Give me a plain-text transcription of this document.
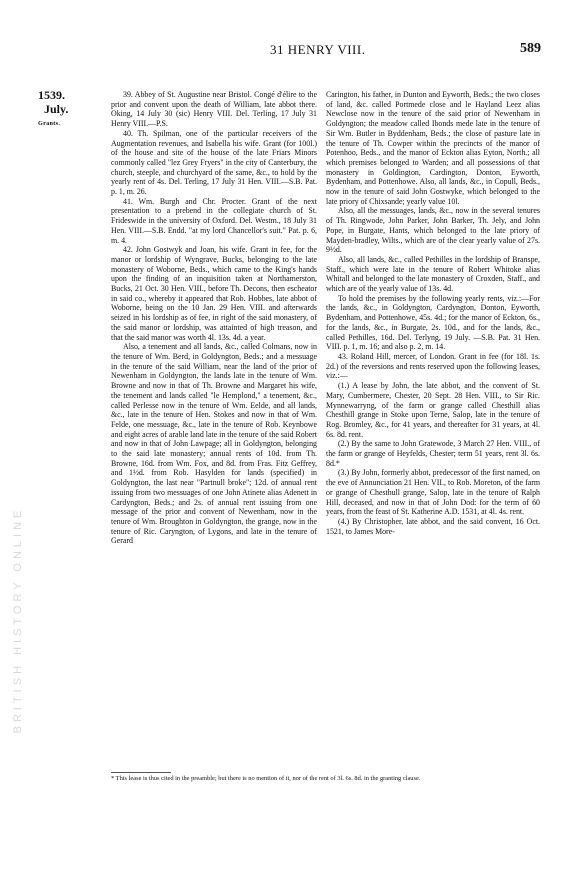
31 HENRY VIII.	589
1539.
July.
Grants.
BRITISH HISTORY ONLINE

39. Abbey of St. Augustine near Bristol. Congé d'élire to the prior and convent upon the death of William, late abbot there. Oking, 14 July 30 (sic) Henry VIII. Del. Terling, 17 July 31 Henry VIII.—P.S.

40. Th. Spilman, one of the particular receivers of the Augmentation revenues, and Isabella his wife. Grant (for 100l.) of the house and site of the house of the late Friars Minors commonly called "lez Grey Fryers" in the city of Canterbury, the church, steeple, and churchyard of the same, &c., to hold by the yearly rent of 4s. Del. Terling, 17 July 31 Hen. VIII.—S.B. Pat. p. 1, m. 26.

41. Wm. Burgh and Chr. Procter. Grant of the next presentation to a prebend in the collegiate church of St. Frideswide in the university of Oxford. Del. Westm., 18 July 31 Hen. VIII.—S.B. Endd. "at my lord Chancellor's suit." Pat. p. 6, m. 4.

42. John Gostwyk and Joan, his wife. Grant in fee, for the manor or lordship of Wyngrave, Bucks, belonging to the late monastery of Woborne, Beds., which came to the King's hands upon the finding of an inquisition taken at Northamerston, Bucks, 21 Oct. 30 Hen. VIII., before Th. Decons, then escheator in said co., whereby it appeared that Rob. Hobbes, late abbot of Woborne, being on the 10 Jan. 29 Hen. VIII. and afterwards seized in his lordship as of fee, in right of the said monastery, of the said manor or lordship, was attainted of high treason, and that the said manor was worth 4l. 13s. 4d. a year.

Also, a tenement and all lands, &c., called Colmans, now in the tenure of Wm. Berd, in Goldyngton, Beds.; and a messuage in the tenure of the said William, near the land of the prior of Newenham in Goldyngton, the lands late in the tenure of Wm. Browne and now in that of Th. Browne and Margaret his wife, the tenement and lands called "le Hemplond," a tenement, &c., called Perlesse now in the tenure of Wm. Eelde, and all lands, &c., late in the tenure of Hen. Stokes and now in that of Wm. Felde, one messuage, &c., late in the tenure of Rob. Keynbowe and eight acres of arable land late in the tenure of the said Robert and now in that of John Lawpage; all in Goldyngton, belonging to the said late monastery; annual rents of 10d. from Th. Browne, 16d. from Wm. Fox, and 8d. from Fras. Fitz Geffrey, and 1½d. from Rob. Hasylden for lands (specified) in Goldyngton, the last near "Partnull broke"; 12d. of annual rent issuing from two messuages of one John Atinete alias Adenett in Cardyngton, Beds.; and 2s. of annual rent issuing from one message of the prior and convent of Newenham, now in the tenure of Wm. Broughton in Goldyngton, the grange, now in the tenure of Ric. Caryngton, of Lygons, and late in the tenure of Gerard

Carington, his father, in Dunton and Eyworth, Beds.; the two closes of land, &c. called Portmede close and le Hayland Leez alias Newclose now in the tenure of the said prior of Newenham in Goldyngton; the meadow called Ibonds mede late in the tenure of Sir Wm. Butler in Byddenham, Beds.; the close of pasture late in the tenure of Th. Cowper within the precincts of the manor of Potenhoo, Beds., and the manor of Eckton alias Eyton, North.; all which premises belonged to Warden; and all possessions of that monastery in Goldington, Cardington, Donton, Eyworth, Bydenham, and Pottenhowe. Also, all lands, &c., in Copull, Beds., now in the tenure of said John Gostwyke, which belonged to the late priory of Chixsande; yearly value 10l.

Also, all the messuages, lands, &c., now in the several tenures of Th. Ringwode, John Parker, John Barker, Th. Jely, and John Pope, in Burgate, Hants, which belonged to the late priory of Mayden-bradley, Wilts., which are of the clear yearly value of 27s. 9½d.

Also, all lands, &c., called Pethilles in the lordship of Branspe, Staff., which were late in the tenure of Robert Whitoke alias Whitall and belonged to the late monastery of Croxden, Staff., and which are of the yearly value of 13s. 4d.

To hold the premises by the following yearly rents, viz.:—For the lands, &c., in Goldyngton, Cardyngton, Donton, Eyworth, Bydenham, and Pottenhowe, 45s. 4d.; for the manor of Eckton, 6s., for the lands, &c., in Burgate, 2s. 10d., and for the lands, &c., called Pethilles, 16d. Del. Terlyng, 19 July. —S.B. Pat. 31 Hen. VIII. p. 1, m. 16; and also p. 2, m. 14.

43. Roland Hill, mercer, of London. Grant in fee (for 18l. 1s. 2d.) of the reversions and rents reserved upon the following leases, viz.:—

(1.) A lease by John, the late abbot, and the convent of St. Mary, Cumbermere, Chester, 20 Sept. 28 Hen. VIII., to Sir Ric. Mynnewarryng, of the farm or grange called Chesthill alias Chesthill grange in Stoke upon Terne, Salop, late in the tenure of Rog. Bromley, &c., for 41 years, and thereafter for 31 years, at 4l. 6s. 8d. rent.

(2.) By the same to John Gratewode, 3 March 27 Hen. VIII., of the farm or grange of Heyfelds, Chester; term 51 years, rent 3l. 6s. 8d.*

(3.) By John, formerly abbot, predecessor of the first named, on the eve of Annunciation 21 Hen. VII., to Rob. Moreton, of the farm or grange of Chesthull grange, Salop, late in the tenure of Ralph Hill, deceased, and now in that of John Dod: for the term of 60 years, from the feast of St. Katherine A.D. 1531, at 4l. 4s. rent.

(4.) By Christopher, late abbot, and the said convent, 16 Oct. 1521, to James More-

* This lease is thus cited in the preamble; but there is no mention of it, nor of the rent of 3l. 6s. 8d. in the granting clause.
